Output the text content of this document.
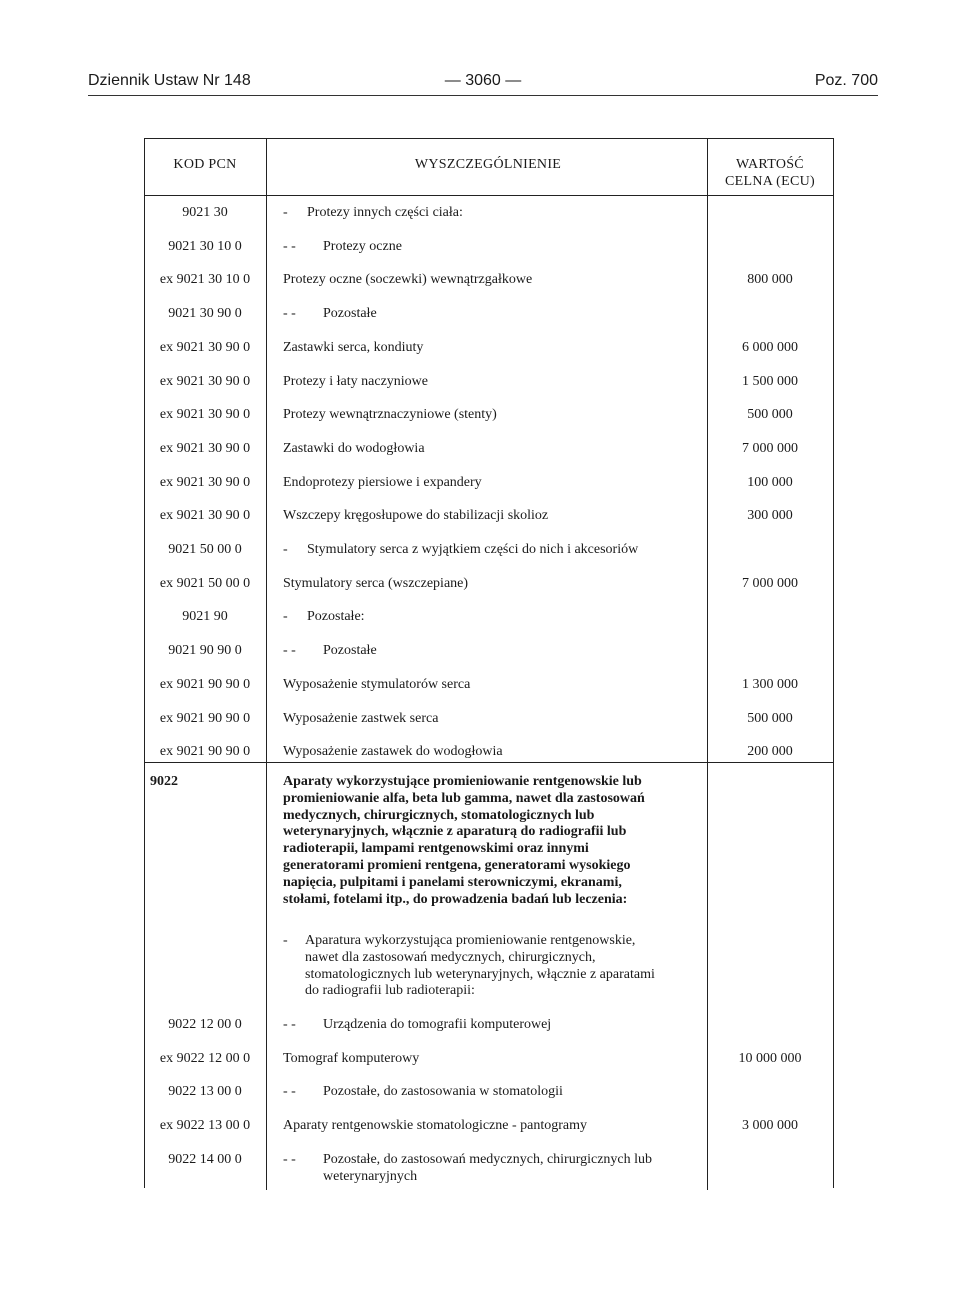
Dziennik Ustaw Nr 148	— 3060 —	Poz. 700
KOD PCN	WYSZCZEGÓLNIENIE	WARTOŚĆ
CELNA (ECU)
9021 30	- Protezy innych części ciała:
9021 30 10 0	- - Protezy oczne
ex 9021 30 10 0	Protezy oczne (soczewki) wewnątrzgałkowe	800 000
9021 30 90 0	- - Pozostałe
ex 9021 30 90 0	Zastawki serca, kondiuty	6 000 000
ex 9021 30 90 0	Protezy i łaty naczyniowe	1 500 000
ex 9021 30 90 0	Protezy wewnątrznaczyniowe (stenty)	500 000
ex 9021 30 90 0	Zastawki do wodogłowia	7 000 000
ex 9021 30 90 0	Endoprotezy piersiowe i expandery	100 000
ex 9021 30 90 0	Wszczepy kręgosłupowe do stabilizacji skolioz	300 000
9021 50 00 0	- Stymulatory serca z wyjątkiem części do nich i akcesoriów
ex 9021 50 00 0	Stymulatory serca (wszczepiane)	7 000 000
9021 90	- Pozostałe:
9021 90 90 0	- - Pozostałe
ex 9021 90 90 0	Wyposażenie stymulatorów serca	1 300 000
ex 9021 90 90 0	Wyposażenie zastwek serca	500 000
ex 9021 90 90 0	Wyposażenie zastawek do wodogłowia	200 000
9022	Aparaty wykorzystujące promieniowanie rentgenowskie lub
promieniowanie alfa, beta lub gamma, nawet dla zastosowań
medycznych, chirurgicznych, stomatologicznych lub
weterynaryjnych, włącznie z aparaturą do radiografii lub
radioterapii, lampami rentgenowskimi oraz innymi
generatorami promieni rentgena, generatorami wysokiego
napięcia, pulpitami i panelami sterowniczymi, ekranami,
stołami, fotelami itp., do prowadzenia badań lub leczenia:
-	Aparatura wykorzystująca promieniowanie rentgenowskie,
nawet dla zastosowań medycznych, chirurgicznych,
stomatologicznych lub weterynaryjnych, włącznie z aparatami
do radiografii lub radioterapii:
9022 12 00 0	- - Urządzenia do tomografii komputerowej
ex 9022 12 00 0	Tomograf komputerowy	10 000 000
9022 13 00 0	- - Pozostałe, do zastosowania w stomatologii
ex 9022 13 00 0	Aparaty rentgenowskie stomatologiczne - pantogramy	3 000 000
9022 14 00 0	- - Pozostałe, do zastosowań medycznych, chirurgicznych lub
weterynaryjnych
